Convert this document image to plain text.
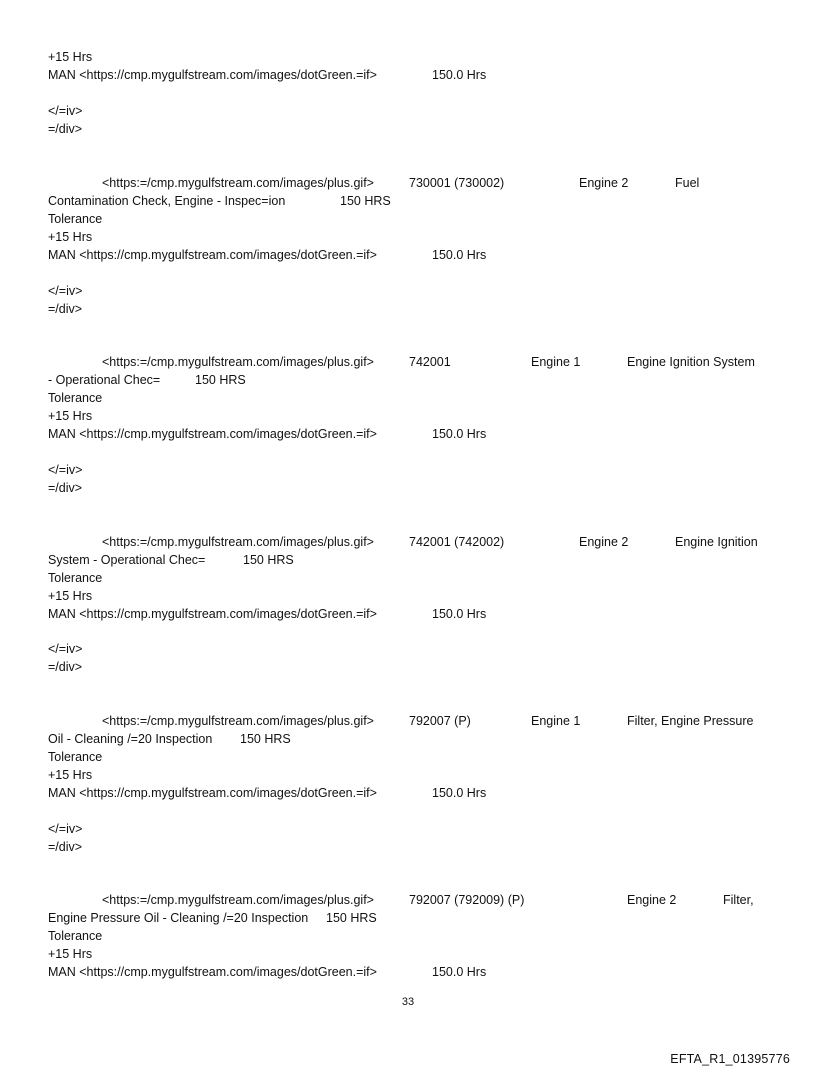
+15 Hrs
MAN <https://cmp.mygulfstream.com/images/dotGreen.=if>	150.0 Hrs
</=iv>
=/div>
<https:=/cmp.mygulfstream.com/images/plus.gif>	730001 (730002)	Engine 2	Fuel
Contamination Check, Engine - Inspec=ion	150 HRS
Tolerance
+15 Hrs
MAN <https://cmp.mygulfstream.com/images/dotGreen.=if>	150.0 Hrs
</=iv>
=/div>
<https:=/cmp.mygulfstream.com/images/plus.gif>	742001	Engine 1	Engine Ignition System
- Operational Chec=	150 HRS
Tolerance
+15 Hrs
MAN <https://cmp.mygulfstream.com/images/dotGreen.=if>	150.0 Hrs
</=iv>
=/div>
<https:=/cmp.mygulfstream.com/images/plus.gif>	742001 (742002)	Engine 2	Engine Ignition
System - Operational Chec=	150 HRS
Tolerance
+15 Hrs
MAN <https://cmp.mygulfstream.com/images/dotGreen.=if>	150.0 Hrs
</=iv>
=/div>
<https:=/cmp.mygulfstream.com/images/plus.gif>	792007 (P)	Engine 1	Filter, Engine Pressure
Oil - Cleaning /=20 Inspection 150 HRS
Tolerance
+15 Hrs
MAN <https://cmp.mygulfstream.com/images/dotGreen.=if>	150.0 Hrs
</=iv>
=/div>
<https:=/cmp.mygulfstream.com/images/plus.gif>	792007 (792009) (P)	Engine 2	Filter,
Engine Pressure Oil - Cleaning /=20 Inspection 150 HRS
Tolerance
+15 Hrs
MAN <https://cmp.mygulfstream.com/images/dotGreen.=if>	150.0 Hrs
33
EFTA_R1_01395776
